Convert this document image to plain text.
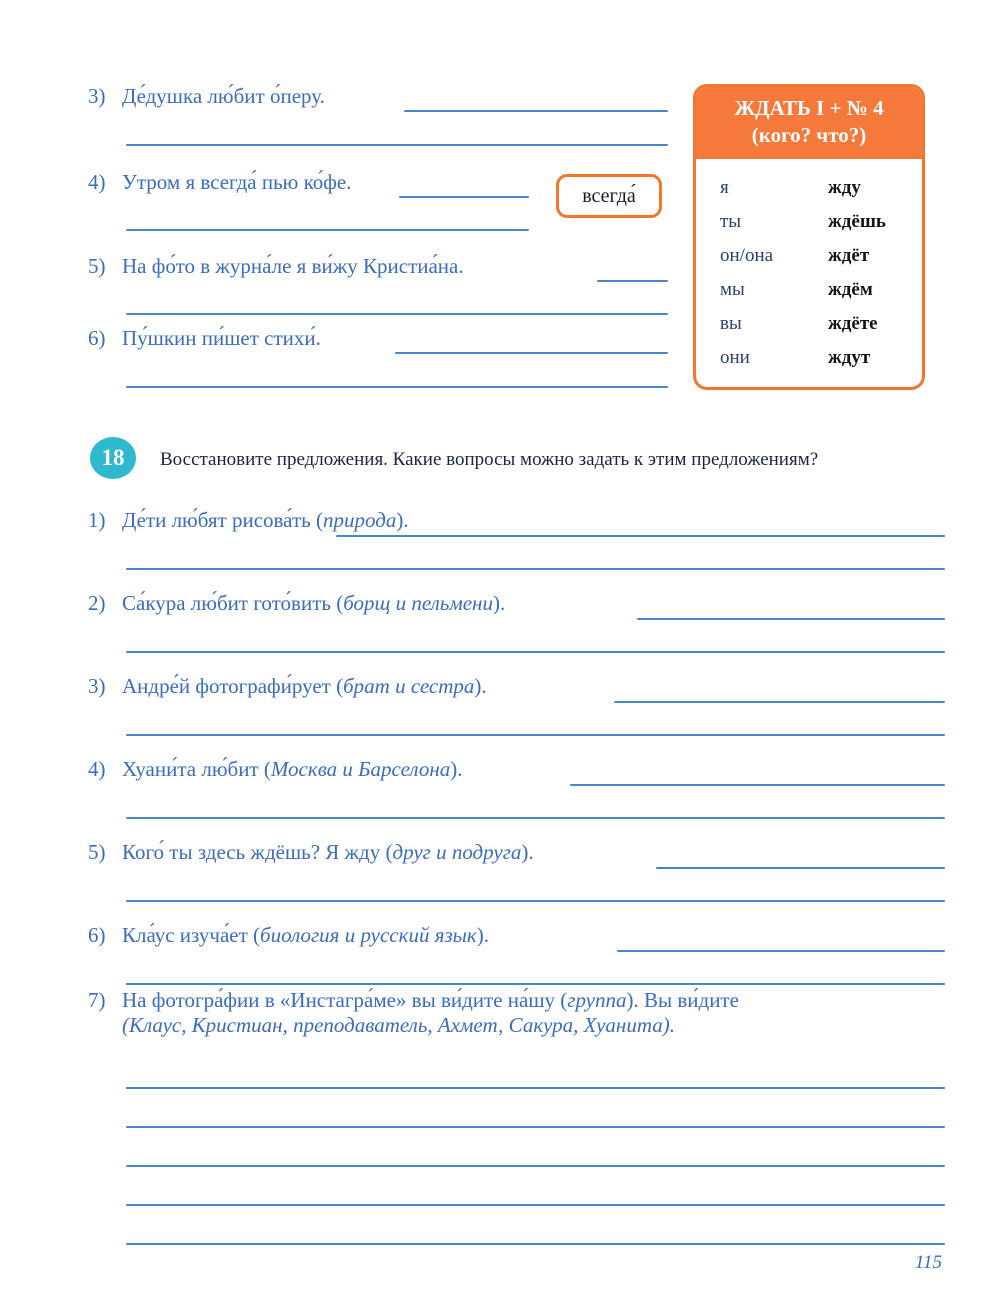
3) Де́душка лю́бит о́перу.
4) Утром я всегда́ пью ко́фе.
5) На фо́то в журна́ле я ви́жу Кристиа́на.
6) Пу́шкин пи́шет стихи́.
всегда́
ЖДАТЬ I + № 4
(кого? что?)
я	жду
ты	ждёшь
он/она	ждёт
мы	ждём
вы	ждёте
они	ждут
18 Восстановите предложения. Какие вопросы можно задать к этим предложениям?
1) Де́ти лю́бят рисова́ть (природа).
2) Са́кура лю́бит гото́вить (борщ и пельмени).
3) Андре́й фотографи́рует (брат и сестра).
4) Хуани́та лю́бит (Москва и Барселона).
5) Кого́ ты здесь ждёшь? Я жду (друг и подруга).
6) Кла́ус изуча́ет (биология и русский язык).
7) На фотогра́фии в «Инстагра́ме» вы ви́дите на́шу (группа). Вы ви́дите
(Клаус, Кристиан, преподаватель, Ахмет, Сакура, Хуанита).
115
